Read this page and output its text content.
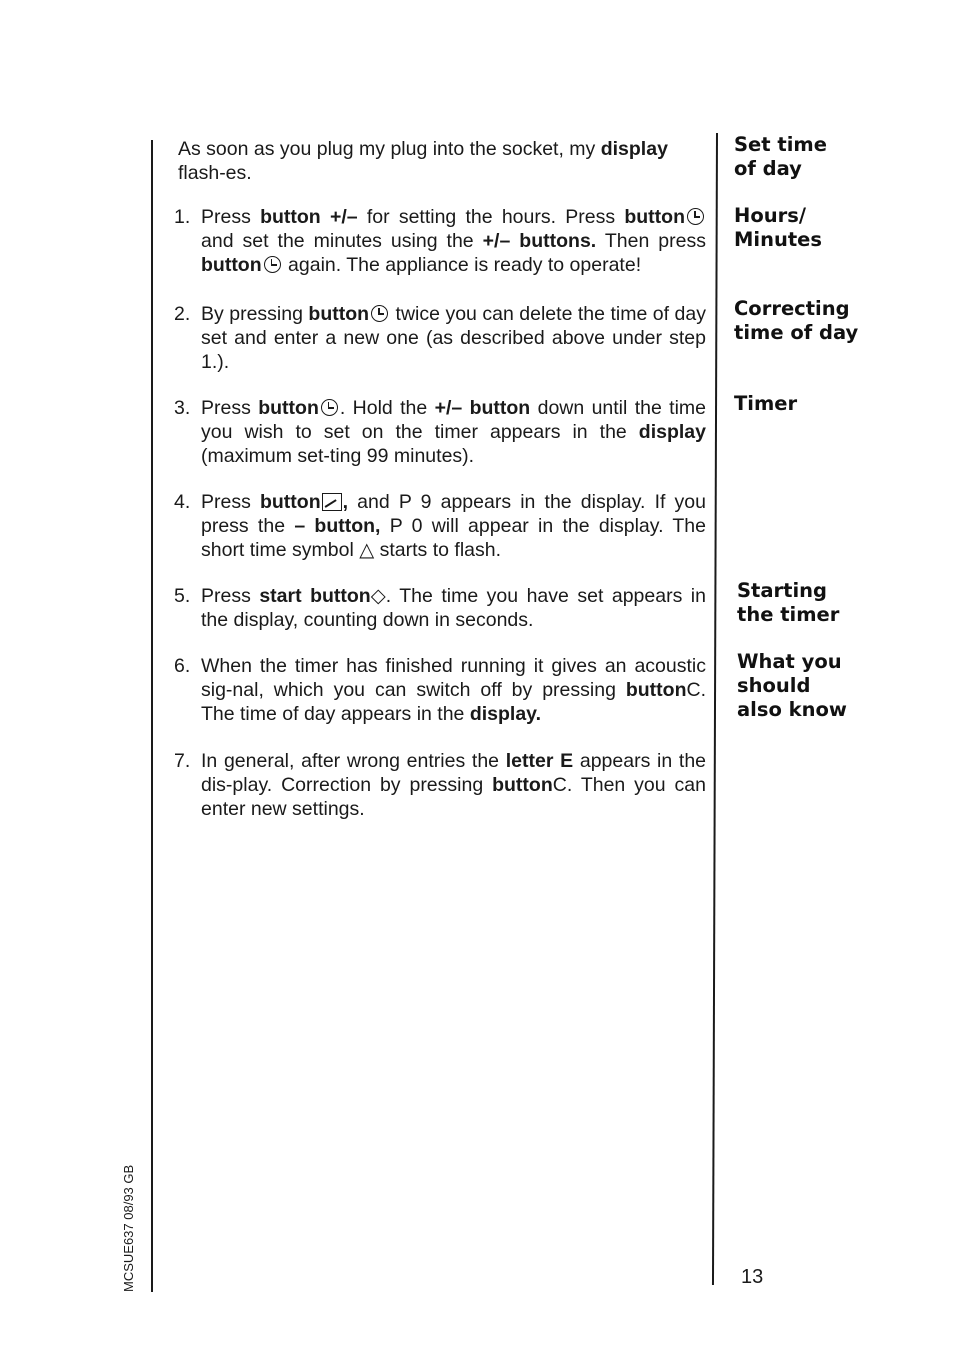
As soon as you plug my plug into the socket, my display flash-es.

1. Press button +/– for setting the hours. Press button and set the minutes using the +/– buttons. Then press button again. The appliance is ready to operate!
2. By pressing button twice you can delete the time of day set and enter a new one (as described above under step 1.).
3. Press button . Hold the +/– button down until the time you wish to set on the timer appears in the display (maximum set-ting 99 minutes).
4. Press button , and P 9 appears in the display. If you press the – button, P 0 will appear in the display. The short time symbol △ starts to flash.
5. Press start button◇. The time you have set appears in the display, counting down in seconds.
6. When the timer has finished running it gives an acoustic sig-nal, which you can switch off by pressing buttonC. The time of day appears in the display.
7. In general, after wrong entries the letter E appears in the dis-play. Correction by pressing buttonC. Then you can enter new settings.

Set time of day

Hours/ Minutes

Correcting time of day

Timer

Starting the timer

What you should also know

MCSUE637 08/93 GB	13
